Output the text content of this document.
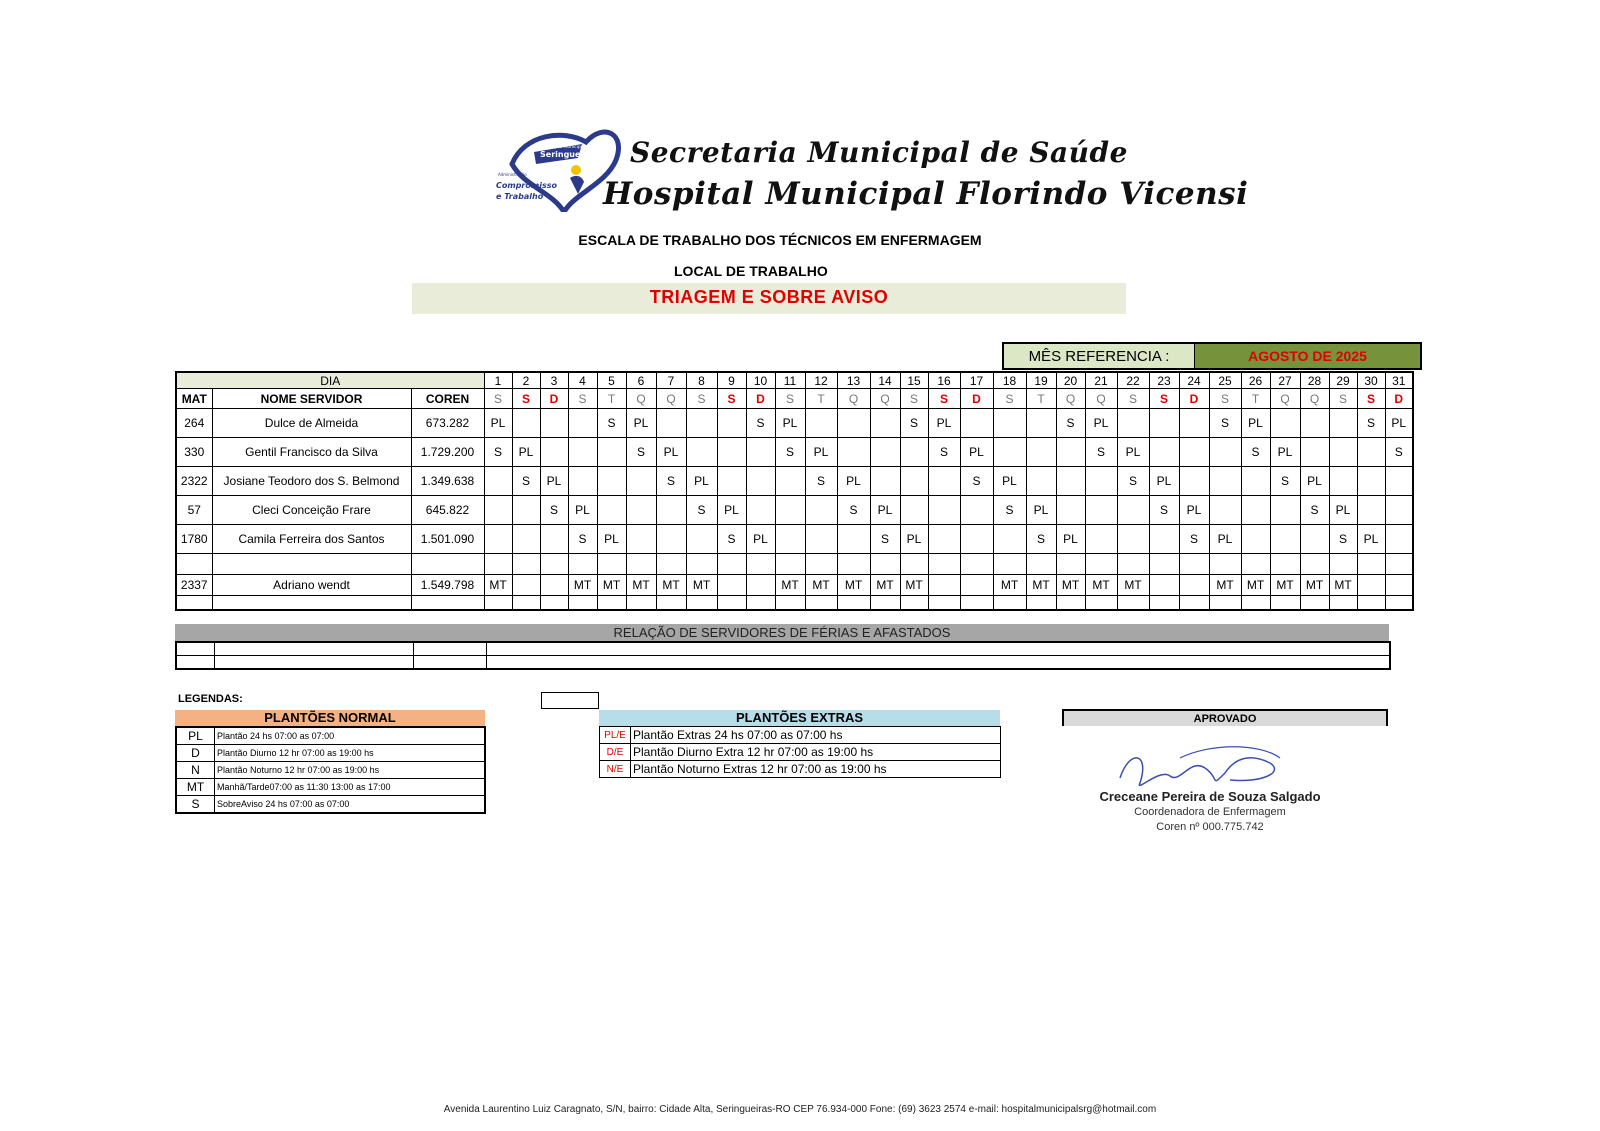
Prefeitura Municipal de
Seringueiras
Administração
Compromisso
e Trabalho
Secretaria Municipal de Saúde
Hospital Municipal Florindo Vicensi
ESCALA DE TRABALHO DOS TÉCNICOS EM ENFERMAGEM
LOCAL DE TRABALHO
TRIAGEM E SOBRE AVISO
MÊS REFERENCIA :	AGOSTO DE 2025
DIA			1	2	3	4	5	6	7	8	9	10	11	12	13	14	15	16	17	18	19	20	21	22	23	24	25	26	27	28	29	30	31
MAT	NOME SERVIDOR	COREN	S	S	D	S	T	Q	Q	S	S	D	S	T	Q	Q	S	S	D	S	T	Q	Q	S	S	D	S	T	Q	Q	S	S	D
264	Dulce de Almeida	673.282	PL				S	PL				S	PL				S	PL				S	PL				S	PL				S	PL
330	Gentil Francisco da Silva	1.729.200	S	PL				S	PL				S	PL				S	PL				S	PL				S	PL				S
2322	Josiane Teodoro dos S. Belmond	1.349.638		S	PL				S	PL				S	PL				S	PL				S	PL				S	PL			
57	Cleci Conceição Frare	645.822			S	PL				S	PL				S	PL				S	PL				S	PL				S	PL		
1780	Camila Ferreira dos Santos	1.501.090				S	PL				S	PL				S	PL				S	PL				S	PL				S	PL	

2337	Adriano wendt	1.549.798	MT			MT	MT	MT	MT	MT			MT	MT	MT	MT	MT			MT	MT	MT	MT	MT			MT	MT	MT	MT	MT		

RELAÇÃO DE SERVIDORES DE FÉRIAS E AFASTADOS

LEGENDAS:
PLANTÕES NORMAL
PL	Plantão 24 hs 07:00 as 07:00
D	Plantão Diurno 12 hr 07:00 as 19:00 hs
N	Plantão Noturno 12 hr 07:00 as 19:00 hs
MT	Manhã/Tarde07:00 as 11:30 13:00 as 17:00
S	SobreAviso 24 hs 07:00 as 07:00
PLANTÕES EXTRAS
PL/E	Plantão Extras 24 hs 07:00 as 07:00 hs
D/E	Plantão Diurno Extra 12 hr 07:00 as 19:00 hs
N/E	Plantão Noturno Extras 12 hr 07:00 as 19:00 hs
APROVADO
Creceane Pereira de Souza Salgado
Coordenadora de Enfermagem
Coren nº 000.775.742
Avenida Laurentino Luiz Caragnato, S/N, bairro: Cidade Alta, Seringueiras-RO CEP 76.934-000 Fone: (69) 3623 2574 e-mail: hospitalmunicipalsrg@hotmail.com
